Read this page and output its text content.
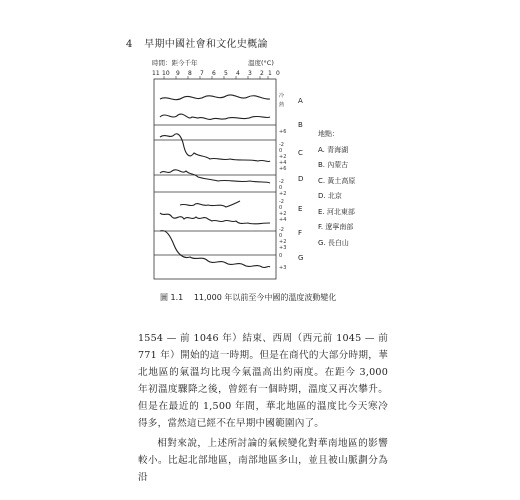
4 早期中國社會和文化史概論
時間：距今千年	溫度(°C)
11 10 9 8 7 6 5 4 3 2 1 0
冷
熱
+6
-2
0
+2
+4
+6
-2
0
+2
-2
0
+2
+4
-2
0
+2
+3
0
+3
A
B
C
D
E
F
G
地點：
A. 青海湖
B. 內蒙古
C. 黃土高原
D. 北京
E. 河北東部
F. 遼寧南部
G. 長白山
圖 1.1 11,000 年以前至今中國的溫度波動變化

1554 — 前 1046 年）結束、西周（西元前 1045 — 前 771 年）開始的這一時期。但是在商代的大部分時期，華北地區的氣溫均比現今氣溫高出約兩度。在距今 3,000 年初溫度驟降之後，曾經有一個時期，溫度又再次攀升。但是在最近的 1,500 年間，華北地區的溫度比今天寒冷得多，當然這已經不在早期中國範圍內了。

相對來說，上述所討論的氣候變化對華南地區的影響較小。比起北部地區，南部地區多山，並且被山脈劃分為沿
